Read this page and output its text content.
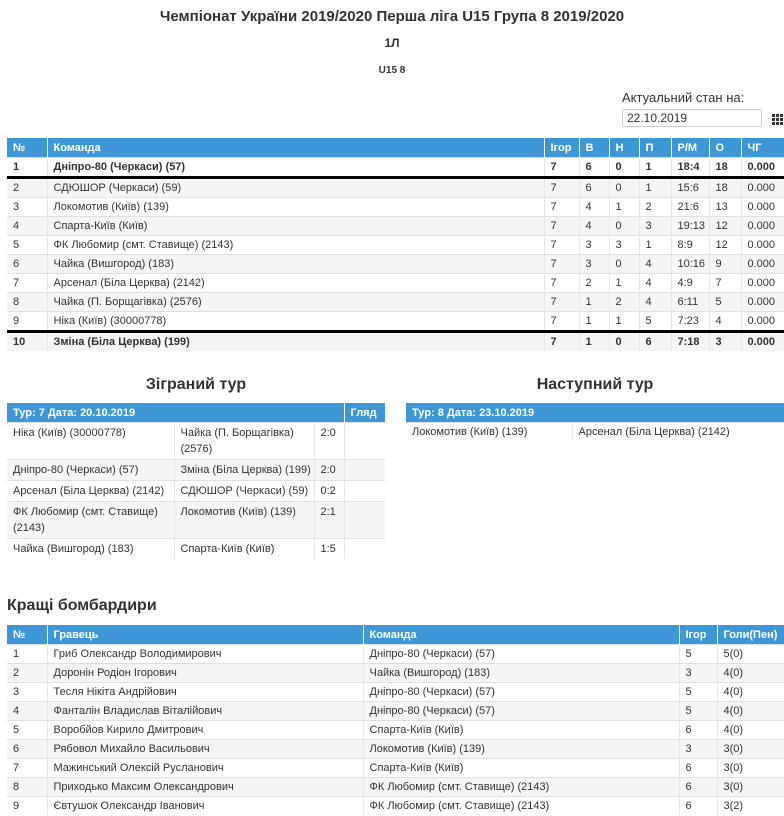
Чемпіонат України 2019/2020 Перша ліга U15 Група 8 2019/2020
1Л
U15 8
Актуальний стан на:
22.10.2019
№	Команда	Ігор	В	Н	П	Р/М	О	ЧГ
1	Дніпро-80 (Черкаси) (57)	7	6	0	1	18:4	18	0.000
2	СДЮШОР (Черкаси) (59)	7	6	0	1	15:6	18	0.000
3	Локомотив (Київ) (139)	7	4	1	2	21:6	13	0.000
4	Спарта-Київ (Київ)	7	4	0	3	19:13	12	0.000
5	ФК Любомир (смт. Ставище) (2143)	7	3	3	1	8:9	12	0.000
6	Чайка (Вишгород) (183)	7	3	0	4	10:16	9	0.000
7	Арсенал (Біла Церква) (2142)	7	2	1	4	4:9	7	0.000
8	Чайка (П. Борщагівка) (2576)	7	1	2	4	6:11	5	0.000
9	Ніка (Київ) (30000778)	7	1	1	5	7:23	4	0.000
10	Зміна (Біла Церква) (199)	7	1	0	6	7:18	3	0.000
Зіграний тур
Тур: 7 Дата: 20.10.2019			Гляд
Ніка (Київ) (30000778)	Чайка (П. Борщагівка) (2576)	2:0	
Дніпро-80 (Черкаси) (57)	Зміна (Біла Церква) (199)	2:0	
Арсенал (Біла Церква) (2142)	СДЮШОР (Черкаси) (59)	0:2	
ФК Любомир (смт. Ставище) (2143)	Локомотив (Київ) (139)	2:1	
Чайка (Вишгород) (183)	Спарта-Київ (Київ)	1:5	
Наступний тур
Тур: 8 Дата: 23.10.2019
Локомотив (Київ) (139)	Арсенал (Біла Церква) (2142)
Кращі бомбардири
№	Гравець	Команда	Ігор	Голи(Пен)
1	Гриб Олександр Володимирович	Дніпро-80 (Черкаси) (57)	5	5(0)
2	Доронін Родіон Ігорович	Чайка (Вишгород) (183)	3	4(0)
3	Тесля Нікіта Андрійович	Дніпро-80 (Черкаси) (57)	5	4(0)
4	Фанталін Владислав Віталійович	Дніпро-80 (Черкаси) (57)	5	4(0)
5	Воробйов Кирило Дмитрович	Спарта-Київ (Київ)	6	4(0)
6	Рябовол Михайло Васильович	Локомотив (Київ) (139)	3	3(0)
7	Мажинський Олексій Русланович	Спарта-Київ (Київ)	6	3(0)
8	Приходько Максим Олександрович	ФК Любомир (смт. Ставище) (2143)	6	3(0)
9	Євтушок Олександр Іванович	ФК Любомир (смт. Ставище) (2143)	6	3(2)
